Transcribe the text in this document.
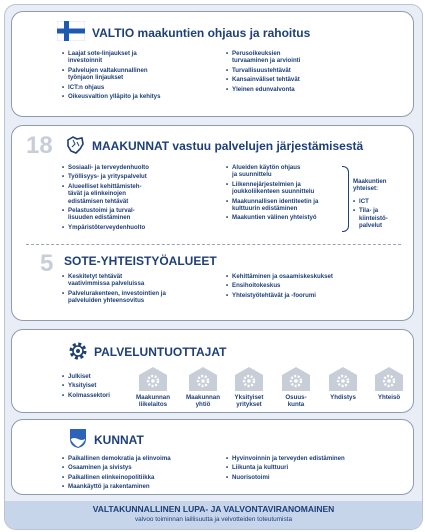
VALTIO maakuntien ohjaus ja rahoitus
• Laajat sote-linjaukset ja
investoinnit
• Palvelujen valtakunnallinen
työnjaon linjaukset
• ICT:n ohjaus
• Oikeusvaltion ylläpito ja kehitys
• Perusoikeuksien
turvaaminen ja arviointi
• Turvallisuustehtävät
• Kansainväliset tehtävät
• Yleinen edunvalvonta
18	MAAKUNNAT vastuu palvelujen järjestämisestä
• Sosiaali- ja terveydenhuolto
• Työllisyys- ja yrityspalvelut
• Alueelliset kehittämisteh-
tävät ja elinkeinojen
edistämisen tehtävät
• Pelastustoimi ja turval-
lisuuden edistäminen
• Ympäristöterveydenhuolto
• Alueiden käytön ohjaus
ja suunnittelu
• Liikennejärjestelmien ja
joukkoliikenteen suunnittelu
• Maakunnallisen identiteetin ja
kulttuurin edistäminen
• Maakuntien välinen yhteistyö
Maakuntien
yhteiset:
• ICT
• Tila- ja
kiinteistö-
palvelut
5 SOTE-YHTEISTYÖALUEET
• Keskitetyt tehtävät
vaativimmissa palveluissa
• Palvelurakenteen, investointien ja
palveluiden yhteensovitus
• Kehittäminen ja osaamiskeskukset
• Ensihoitokeskus
• Yhteistyötehtävät ja -foorumi
PALVELUNTUOTTAJAT
• Julkiset
• Yksityiset
• Kolmassektori	Maakunnan
liikelaitos
Maakunnan
yhtiö
Yksityiset
yritykset
Osuus-
kunta
Yhdistys	Yhteisö
KUNNAT
• Paikallinen demokratia ja elinvoima
• Osaaminen ja sivistys
• Paikallinen elinkeinopolitiikka
• Maankäyttö ja rakentaminen
• Hyvinvoinnin ja terveyden edistäminen
• Liikunta ja kulttuuri
• Nuorisotoimi
VALTAKUNNALLINEN LUPA- JA VALVONTAVIRANOMAINEN
valvoo toiminnan laillisuutta ja velvotteiden toteutumista
